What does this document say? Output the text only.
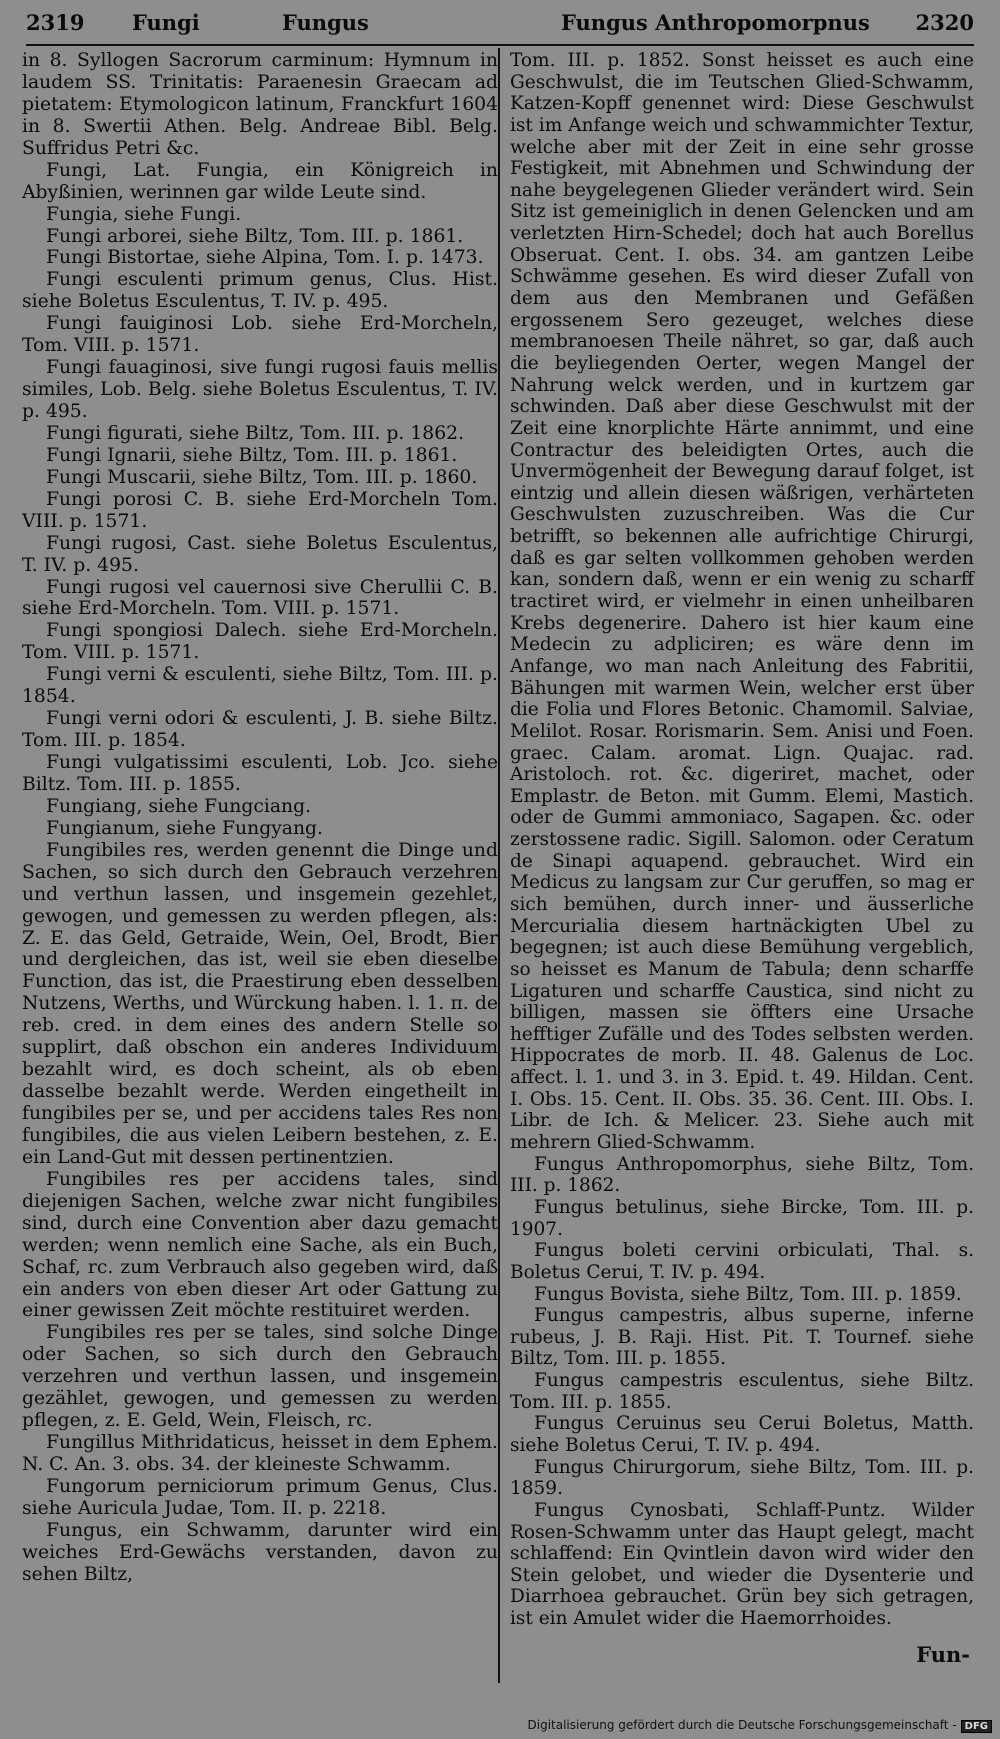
2319 Fungi	Fungus	Fungus Anthropomorpnus 2320

in 8. Syllogen Sacrorum carminum: Hymnum in laudem SS. Trinitatis: Paraenesin Graecam ad pietatem: Etymologicon latinum, Franckfurt 1604 in 8. Swertii Athen. Belg. Andreae Bibl. Belg. Suffridus Petri &c.

Fungi, Lat. Fungia, ein Königreich in Abyßinien, werinnen gar wilde Leute sind.

Fungia, siehe Fungi.

Fungi arborei, siehe Biltz, Tom. III. p. 1861.

Fungi Bistortae, siehe Alpina, Tom. I. p. 1473.

Fungi esculenti primum genus, Clus. Hist. siehe Boletus Esculentus, T. IV. p. 495.

Fungi fauiginosi Lob. siehe Erd-Morcheln, Tom. VIII. p. 1571.

Fungi fauaginosi, sive fungi rugosi fauis mellis similes, Lob. Belg. siehe Boletus Esculentus, T. IV. p. 495.

Fungi figurati, siehe Biltz, Tom. III. p. 1862.

Fungi Ignarii, siehe Biltz, Tom. III. p. 1861.

Fungi Muscarii, siehe Biltz, Tom. III. p. 1860.

Fungi porosi C. B. siehe Erd-Morcheln Tom. VIII. p. 1571.

Fungi rugosi, Cast. siehe Boletus Esculentus, T. IV. p. 495.

Fungi rugosi vel cauernosi sive Cherullii C. B. siehe Erd-Morcheln. Tom. VIII. p. 1571.

Fungi spongiosi Dalech. siehe Erd-Morcheln. Tom. VIII. p. 1571.

Fungi verni & esculenti, siehe Biltz, Tom. III. p. 1854.

Fungi verni odori & esculenti, J. B. siehe Biltz. Tom. III. p. 1854.

Fungi vulgatissimi esculenti, Lob. Jco. siehe Biltz. Tom. III. p. 1855.

Fungiang, siehe Fungciang.

Fungianum, siehe Fungyang.

Fungibiles res, werden genennt die Dinge und Sachen, so sich durch den Gebrauch verzehren und verthun lassen, und insgemein gezehlet, gewogen, und gemessen zu werden pflegen, als: Z. E. das Geld, Getraide, Wein, Oel, Brodt, Bier und dergleichen, das ist, weil sie eben dieselbe Function, das ist, die Praestirung eben desselben Nutzens, Werths, und Würckung haben. l. 1. π. de reb. cred. in dem eines des andern Stelle so supplirt, daß obschon ein anderes Individuum bezahlt wird, es doch scheint, als ob eben dasselbe bezahlt werde. Werden eingetheilt in fungibiles per se, und per accidens tales Res non fungibiles, die aus vielen Leibern bestehen, z. E. ein Land-Gut mit dessen pertinentzien.

Fungibiles res per accidens tales, sind diejenigen Sachen, welche zwar nicht fungibiles sind, durch eine Convention aber dazu gemacht werden; wenn nemlich eine Sache, als ein Buch, Schaf, rc. zum Verbrauch also gegeben wird, daß ein anders von eben dieser Art oder Gattung zu einer gewissen Zeit möchte restituiret werden.

Fungibiles res per se tales, sind solche Dinge oder Sachen, so sich durch den Gebrauch verzehren und verthun lassen, und insgemein gezählet, gewogen, und gemessen zu werden pflegen, z. E. Geld, Wein, Fleisch, rc.

Fungillus Mithridaticus, heisset in dem Ephem. N. C. An. 3. obs. 34. der kleineste Schwamm.

Fungorum perniciorum primum Genus, Clus. siehe Auricula Judae, Tom. II. p. 2218.

Fungus, ein Schwamm, darunter wird ein weiches Erd-Gewächs verstanden, davon zu sehen Biltz,

Tom. III. p. 1852. Sonst heisset es auch eine Geschwulst, die im Teutschen Glied-Schwamm, Katzen-Kopff genennet wird: Diese Geschwulst ist im Anfange weich und schwammichter Textur, welche aber mit der Zeit in eine sehr grosse Festigkeit, mit Abnehmen und Schwindung der nahe beygelegenen Glieder verändert wird. Sein Sitz ist gemeiniglich in denen Gelencken und am verletzten Hirn-Schedel; doch hat auch Borellus Obseruat. Cent. I. obs. 34. am gantzen Leibe Schwämme gesehen. Es wird dieser Zufall von dem aus den Membranen und Gefäßen ergossenem Sero gezeuget, welches diese membranoesen Theile nähret, so gar, daß auch die beyliegenden Oerter, wegen Mangel der Nahrung welck werden, und in kurtzem gar schwinden. Daß aber diese Geschwulst mit der Zeit eine knorplichte Härte annimmt, und eine Contractur des beleidigten Ortes, auch die Unvermögenheit der Bewegung darauf folget, ist eintzig und allein diesen wäßrigen, verhärteten Geschwulsten zuzuschreiben. Was die Cur betrifft, so bekennen alle aufrichtige Chirurgi, daß es gar selten vollkommen gehoben werden kan, sondern daß, wenn er ein wenig zu scharff tractiret wird, er vielmehr in einen unheilbaren Krebs degenerire. Dahero ist hier kaum eine Medecin zu adpliciren; es wäre denn im Anfange, wo man nach Anleitung des Fabritii, Bähungen mit warmen Wein, welcher erst über die Folia und Flores Betonic. Chamomil. Salviae, Melilot. Rosar. Rorismarin. Sem. Anisi und Foen. graec. Calam. aromat. Lign. Quajac. rad. Aristoloch. rot. &c. digeriret, machet, oder Emplastr. de Beton. mit Gumm. Elemi, Mastich. oder de Gummi ammoniaco, Sagapen. &c. oder zerstossene radic. Sigill. Salomon. oder Ceratum de Sinapi aquapend. gebrauchet. Wird ein Medicus zu langsam zur Cur geruffen, so mag er sich bemühen, durch inner- und äusserliche Mercurialia diesem hartnäckigten Ubel zu begegnen; ist auch diese Bemühung vergeblich, so heisset es Manum de Tabula; denn scharffe Ligaturen und scharffe Caustica, sind nicht zu billigen, massen sie öffters eine Ursache hefftiger Zufälle und des Todes selbsten werden. Hippocrates de morb. II. 48. Galenus de Loc. affect. l. 1. und 3. in 3. Epid. t. 49. Hildan. Cent. I. Obs. 15. Cent. II. Obs. 35. 36. Cent. III. Obs. I. Libr. de Ich. & Melicer. 23. Siehe auch mit mehrern Glied-Schwamm.

Fungus Anthropomorphus, siehe Biltz, Tom. III. p. 1862.

Fungus betulinus, siehe Bircke, Tom. III. p. 1907.

Fungus boleti cervini orbiculati, Thal. s. Boletus Cerui, T. IV. p. 494.

Fungus Bovista, siehe Biltz, Tom. III. p. 1859.

Fungus campestris, albus superne, inferne rubeus, J. B. Raji. Hist. Pit. T. Tournef. siehe Biltz, Tom. III. p. 1855.

Fungus campestris esculentus, siehe Biltz. Tom. III. p. 1855.

Fungus Ceruinus seu Cerui Boletus, Matth. siehe Boletus Cerui, T. IV. p. 494.

Fungus Chirurgorum, siehe Biltz, Tom. III. p. 1859.

Fungus Cynosbati, Schlaff-Puntz. Wilder Rosen-Schwamm unter das Haupt gelegt, macht schlaffend: Ein Qvintlein davon wird wider den Stein gelobet, und wieder die Dysenterie und Diarrhoea gebrauchet. Grün bey sich getragen, ist ein Amulet wider die Haemorrhoides.

Fun-
Digitalisierung gefördert durch die Deutsche Forschungsgemeinschaft - DFG
